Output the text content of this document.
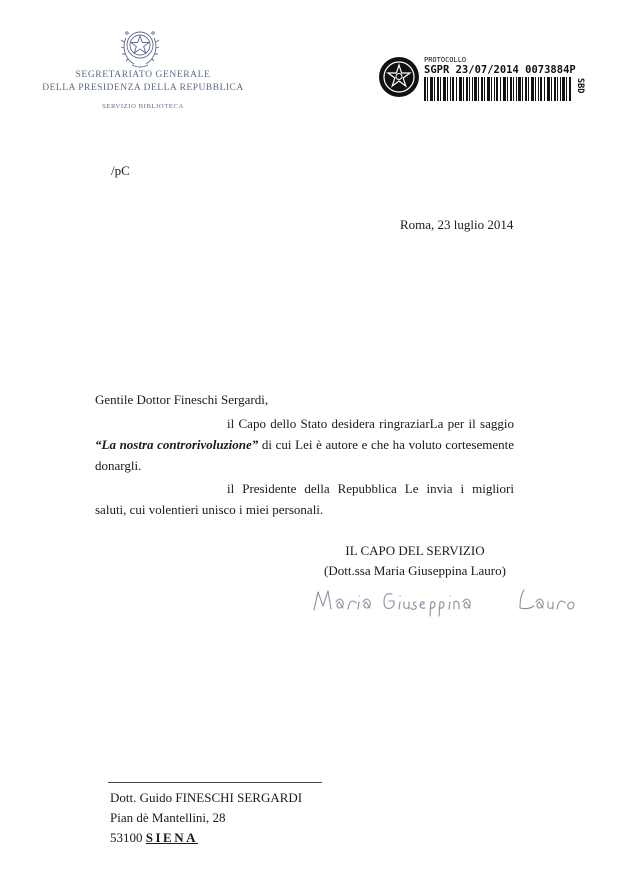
SEGRETARIATO GENERALE
DELLA PRESIDENZA DELLA REPUBBLICA
SERVIZIO BIBLIOTECA
PROTOCOLLO
SGPR 23/07/2014 0073884P
SBD
/pC
Roma, 23 luglio 2014
Gentile Dottor Fineschi Sergardi,
il Capo dello Stato desidera ringraziarLa per il saggio “La nostra controrivoluzione” di cui Lei è autore e che ha voluto cortesemente donargli.
il Presidente della Repubblica Le invia i migliori saluti, cui volentieri unisco i miei personali.
IL CAPO DEL SERVIZIO
(Dott.ssa Maria Giuseppina Lauro)
Dott. Guido FINESCHI SERGARDI
Pian dè Mantellini, 28
53100 SIENA
